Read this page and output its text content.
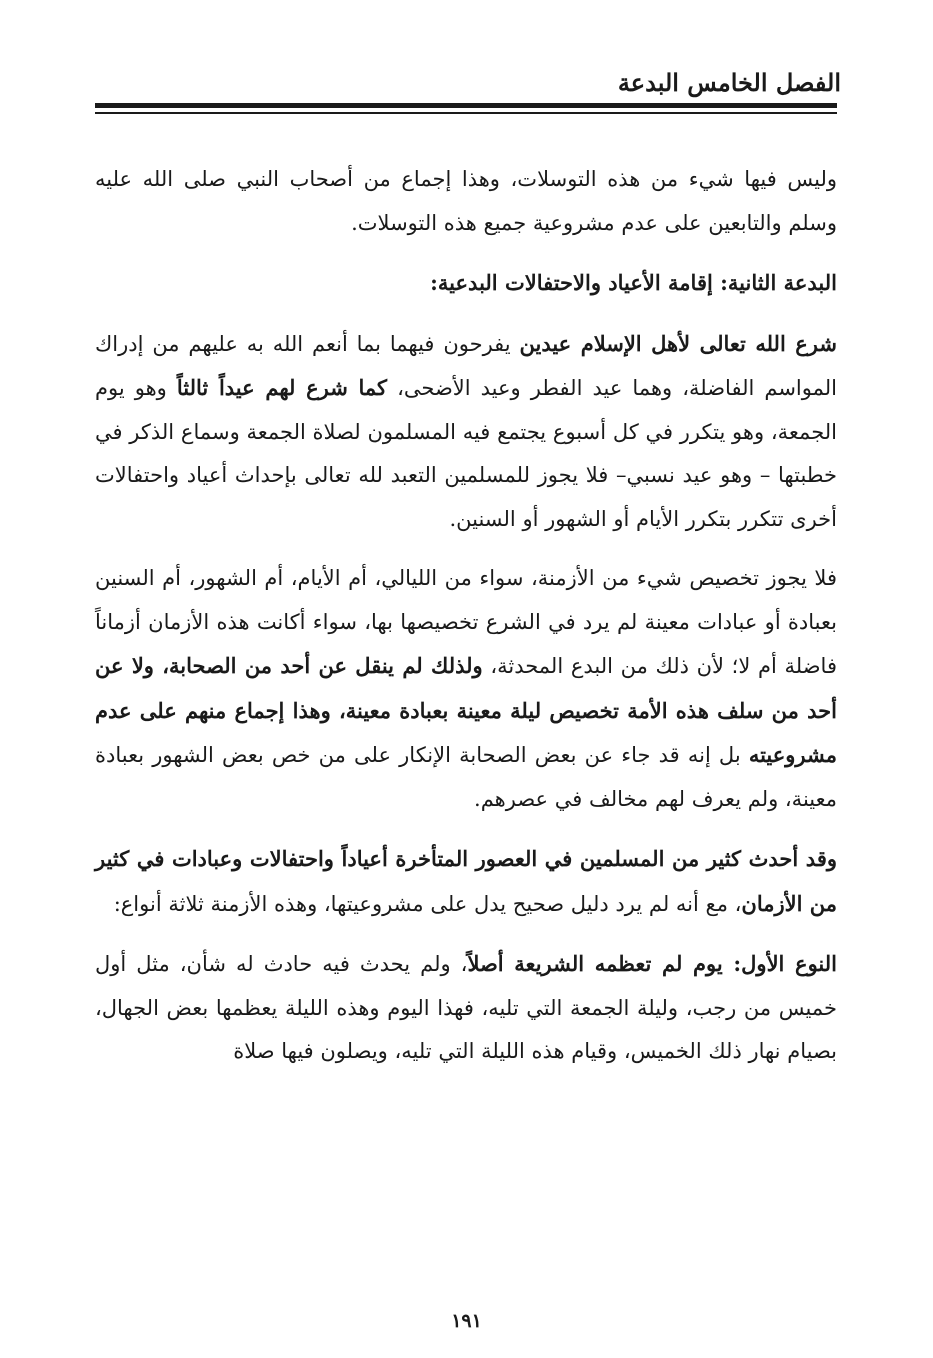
الفصل الخامس البدعة

وليس فيها شيء من هذه التوسلات، وهذا إجماع من أصحاب النبي صلى الله عليه وسلم والتابعين على عدم مشروعية جميع هذه التوسلات.

البدعة الثانية: إقامة الأعياد والاحتفالات البدعية:

شرع الله تعالى لأهل الإسلام عيدين يفرحون فيهما بما أنعم الله به عليهم من إدراك المواسم الفاضلة، وهما عيد الفطر وعيد الأضحى، كما شرع لهم عيداً ثالثاً وهو يوم الجمعة، وهو يتكرر في كل أسبوع يجتمع فيه المسلمون لصلاة الجمعة وسماع الذكر في خطبتها – وهو عيد نسبي– فلا يجوز للمسلمين التعبد لله تعالى بإحداث أعياد واحتفالات أخرى تتكرر بتكرر الأيام أو الشهور أو السنين.

فلا يجوز تخصيص شيء من الأزمنة، سواء من الليالي، أم الأيام، أم الشهور، أم السنين بعبادة أو عبادات معينة لم يرد في الشرع تخصيصها بها، سواء أكانت هذه الأزمان أزماناً فاضلة أم لا؛ لأن ذلك من البدع المحدثة، ولذلك لم ينقل عن أحد من الصحابة، ولا عن أحد من سلف هذه الأمة تخصيص ليلة معينة بعبادة معينة، وهذا إجماع منهم على عدم مشروعيته بل إنه قد جاء عن بعض الصحابة الإنكار على من خص بعض الشهور بعبادة معينة، ولم يعرف لهم مخالف في عصرهم.

وقد أحدث كثير من المسلمين في العصور المتأخرة أعياداً واحتفالات وعبادات في كثير من الأزمان، مع أنه لم يرد دليل صحيح يدل على مشروعيتها، وهذه الأزمنة ثلاثة أنواع:

النوع الأول: يوم لم تعظمه الشريعة أصلاً، ولم يحدث فيه حادث له شأن، مثل أول خميس من رجب، وليلة الجمعة التي تليه، فهذا اليوم وهذه الليلة يعظمها بعض الجهال، بصيام نهار ذلك الخميس، وقيام هذه الليلة التي تليه، ويصلون فيها صلاة

١٩١
